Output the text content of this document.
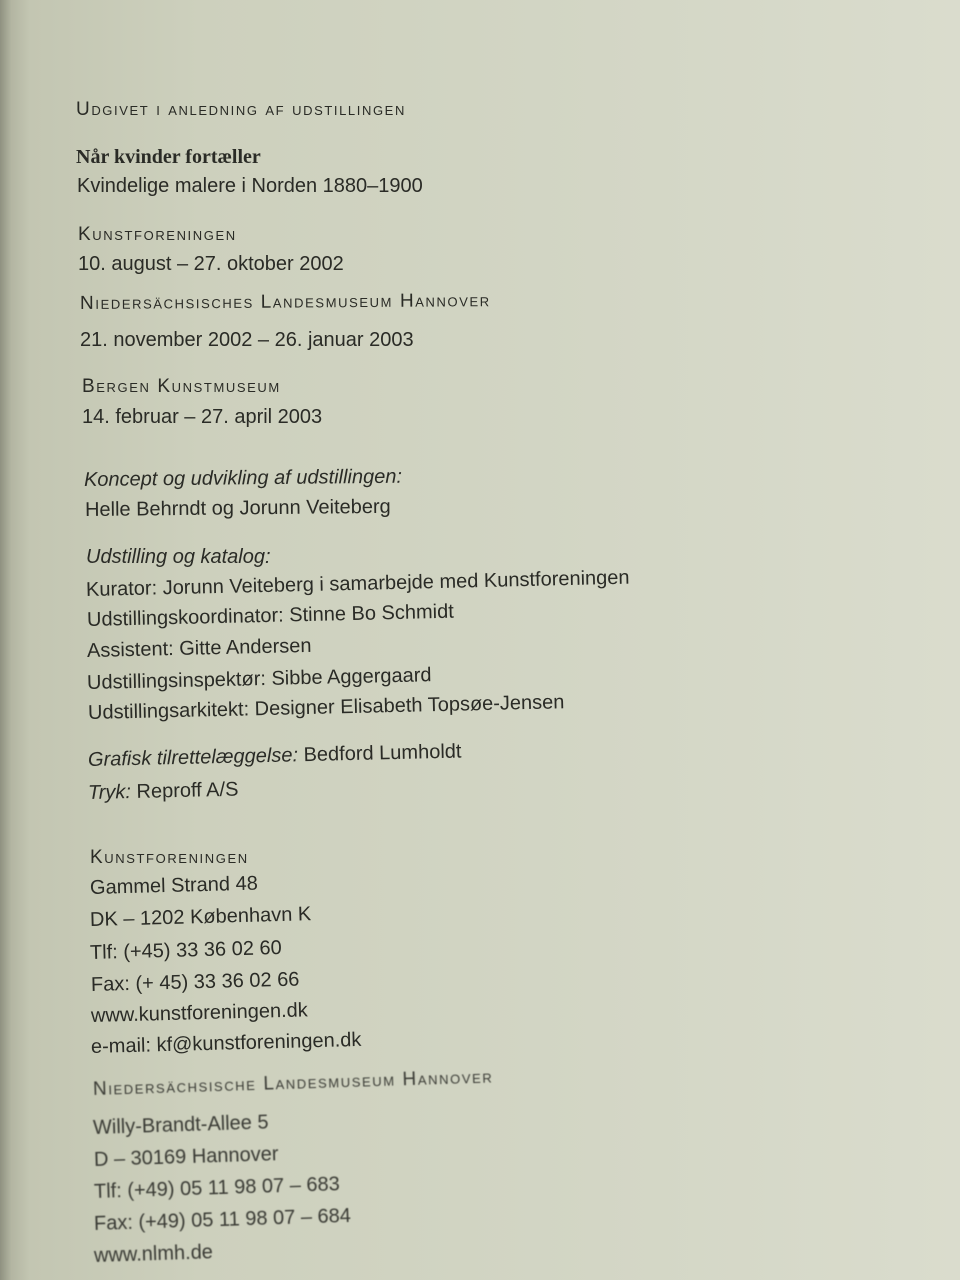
Udgivet i anledning af udstillingen
Når kvinder fortæller
Kvindelige malere i Norden 1880–1900
Kunstforeningen
10. august – 27. oktober 2002
Niedersächsisches Landesmuseum Hannover
21. november 2002 – 26. januar 2003
Bergen Kunstmuseum
14. februar – 27. april 2003
Koncept og udvikling af udstillingen:
Helle Behrndt og Jorunn Veiteberg
Udstilling og katalog:
Kurator: Jorunn Veiteberg i samarbejde med Kunstforeningen
Udstillingskoordinator: Stinne Bo Schmidt
Assistent: Gitte Andersen
Udstillingsinspektør: Sibbe Aggergaard
Udstillingsarkitekt: Designer Elisabeth Topsøe-Jensen
Grafisk tilrettelæggelse: Bedford Lumholdt
Tryk: Reproff A/S
Kunstforeningen
Gammel Strand 48
DK – 1202 København K
Tlf: (+45) 33 36 02 60
Fax: (+ 45) 33 36 02 66
www.kunstforeningen.dk
e-mail: kf@kunstforeningen.dk
Niedersächsische Landesmuseum Hannover
Willy-Brandt-Allee 5
D – 30169 Hannover
Tlf: (+49) 05 11 98 07 – 683
Fax: (+49) 05 11 98 07 – 684
www.nlmh.de
